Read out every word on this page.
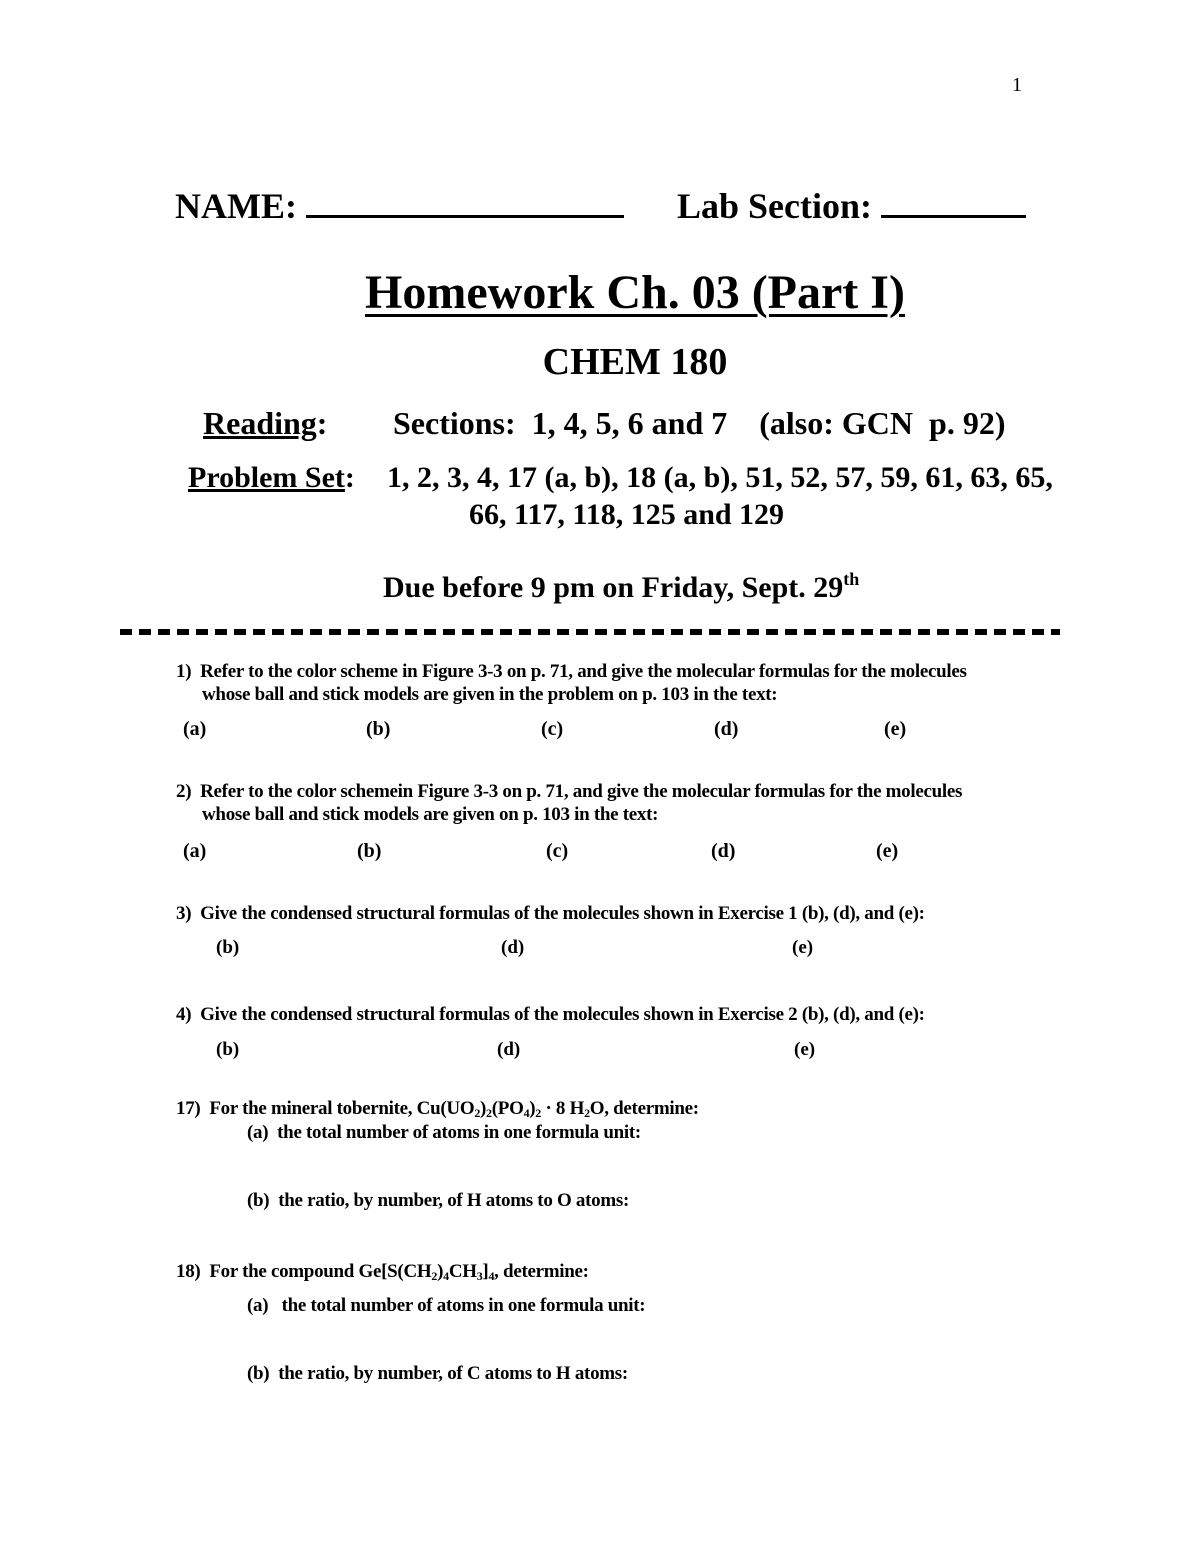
1
NAME:	Lab Section:
Homework Ch. 03 (Part I)
CHEM 180
Reading: Sections:  1, 4, 5, 6 and 7    (also: GCN  p. 92)
Problem Set: 1, 2, 3, 4, 17 (a, b), 18 (a, b), 51, 52, 57, 59, 61, 63, 65,
66, 117, 118, 125 and 129
Due before 9 pm on Friday, Sept. 29th
1)  Refer to the color scheme in Figure 3-3 on p. 71, and give the molecular formulas for the molecules
whose ball and stick models are given in the problem on p. 103 in the text:
(a)	(b)	(c)	(d)	(e)
2)  Refer to the color schemein Figure 3-3 on p. 71, and give the molecular formulas for the molecules
whose ball and stick models are given on p. 103 in the text:
(a)	(b)	(c)	(d)	(e)
3)  Give the condensed structural formulas of the molecules shown in Exercise 1 (b), (d), and (e):
(b)	(d)	(e)
4)  Give the condensed structural formulas of the molecules shown in Exercise 2 (b), (d), and (e):
(b)	(d)	(e)
17)  For the mineral tobernite, $Cu(UO_2)_2(PO_4)_2 \cdot 8$ $H_2O$, determine:
(a)  the total number of atoms in one formula unit:
(b)  the ratio, by number, of H atoms to O atoms:
18)  For the compound $Ge[S(CH_2)_4CH_3]_4$, determine:
(a)   the total number of atoms in one formula unit:
(b)  the ratio, by number, of C atoms to H atoms:
